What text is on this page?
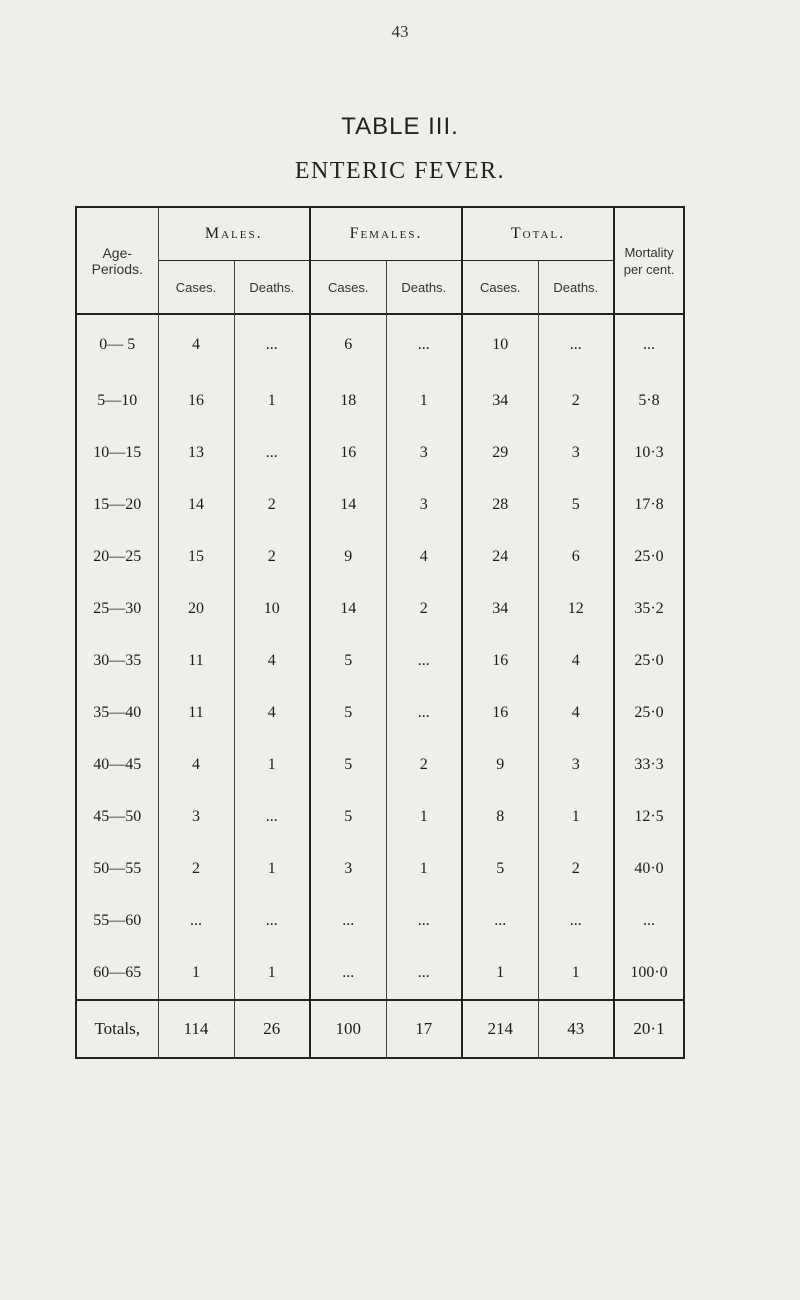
43
TABLE III.
ENTERIC FEVER.
Age-
Periods.	Males.		Females.		Total.		Mortality
per cent.
	Cases.	Deaths.	Cases.	Deaths.	Cases.	Deaths.	
0— 5	4	...	6	...	10	...	...
5—10	16	1	18	1	34	2	5·8
10—15	13	...	16	3	29	3	10·3
15—20	14	2	14	3	28	5	17·8
20—25	15	2	9	4	24	6	25·0
25—30	20	10	14	2	34	12	35·2
30—35	11	4	5	...	16	4	25·0
35—40	11	4	5	...	16	4	25·0
40—45	4	1	5	2	9	3	33·3
45—50	3	...	5	1	8	1	12·5
50—55	2	1	3	1	5	2	40·0
55—60	...	...	...	...	...	...	...
60—65	1	1	...	...	1	1	100·0
Totals,	114	26	100	17	214	43	20·1
